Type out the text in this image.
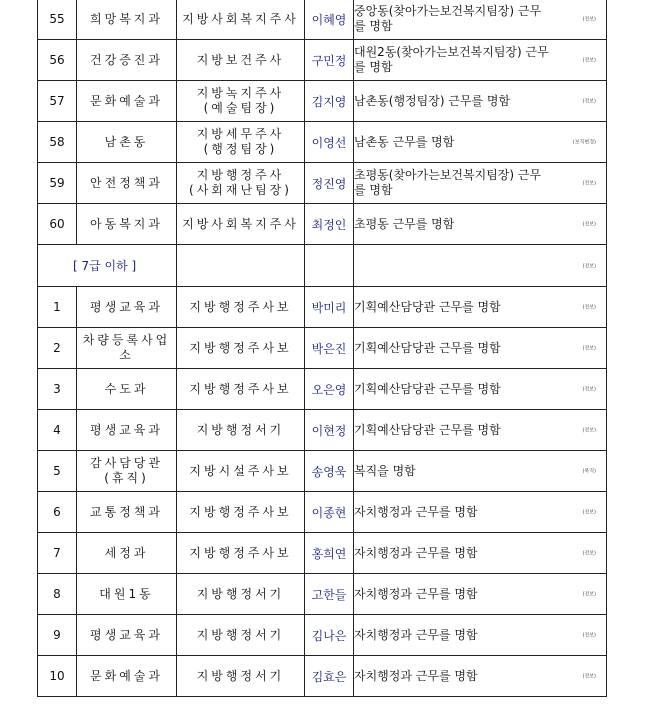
55	희망복지과	지방사회복지주사	이혜영	중앙동(찾아가는보건복지팀장) 근무를 명함 (전보)

56	건강증진과	지방보건주사	구민정	대원2동(찾아가는보건복지팀장) 근무를 명함 (전보)

57	문화예술과	지방녹지주사
(예술팀장)	김지영	남촌동(행정팀장) 근무를 명함 (전보)

58	남촌동	지방세무주사
(행정팀장)	이영선	남촌동 근무를 명함 (보직변경)

59	안전정책과	지방행정주사
(사회재난팀장)	정진영	초평동(찾아가는보건복지팀장) 근무를 명함 (전보)

60	아동복지과	지방사회복지주사	최정인	초평동 근무를 명함 (전보)

[ 7급 이하 ]				(전보)

1	평생교육과	지방행정주사보	박미리	기획예산담당관 근무를 명함 (전보)

2	차량등록사업소	지방행정주사보	박은진	기획예산담당관 근무를 명함 (전보)

3	수도과	지방행정주사보	오은영	기획예산담당관 근무를 명함 (전보)

4	평생교육과	지방행정서기	이현정	기획예산담당관 근무를 명함 (전보)

5	감사담당관
(휴직)	지방시설주사보	송영욱	복직을 명함 (복직)

6	교통정책과	지방행정주사보	이종현	자치행정과 근무를 명함 (전보)

7	세정과	지방행정주사보	홍희연	자치행정과 근무를 명함 (전보)

8	대원1동	지방행정서기	고한들	자치행정과 근무를 명함 (전보)

9	평생교육과	지방행정서기	김나은	자치행정과 근무를 명함 (전보)

10	문화예술과	지방행정서기	김효은	자치행정과 근무를 명함 (전보)
